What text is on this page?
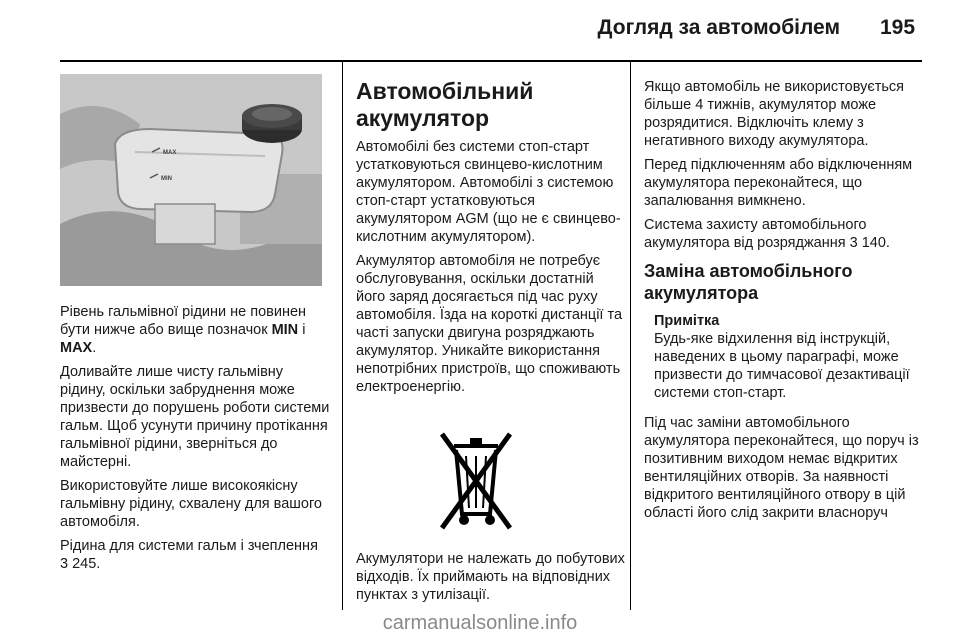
Догляд за автомобілем 195
MAX
MIN

Рівень гальмівної рідини не повинен бути нижче або вище позначок MIN і MAX.

Доливайте лише чисту гальмівну рідину, оскільки забруднення може призвести до порушень роботи системи гальм. Щоб усунути причину протікання гальмівної рідини, зверніться до майстерні.

Використовуйте лише високоякісну гальмівну рідину, схвалену для вашого автомобіля.

Рідина для системи гальм і зчеплення 3 245.

Автомобільний акумулятор

Автомобілі без системи стоп-старт устатковуються свинцево-кислотним акумулятором. Автомобілі з системою стоп-старт устатковуються акумулятором AGM (що не є свинцево-кислотним акумулятором).

Акумулятор автомобіля не потребує обслуговування, оскільки достатній його заряд досягається під час руху автомобіля. Їзда на короткі дистанції та часті запуски двигуна розряджають акумулятор. Уникайте використання непотрібних пристроїв, що споживають електроенергію.

Акумулятори не належать до побутових відходів. Їх приймають на відповідних пунктах з утилізації.

Якщо автомобіль не використовується більше 4 тижнів, акумулятор може розрядитися. Відключіть клему з негативного виходу акумулятора.

Перед підключенням або відключенням акумулятора переконайтеся, що запалювання вимкнено.

Система захисту автомобільного акумулятора від розряджання 3 140.

Заміна автомобільного акумулятора
Примітка

Будь-яке відхилення від інструкцій, наведених в цьому параграфі, може призвести до тимчасової дезактивації системи стоп-старт.

Під час заміни автомобільного акумулятора переконайтеся, що поруч із позитивним виходом немає відкритих вентиляційних отворів. За наявності відкритого вентиляційного отвору в цій області його слід закрити власноруч

carmanualsonline.info
